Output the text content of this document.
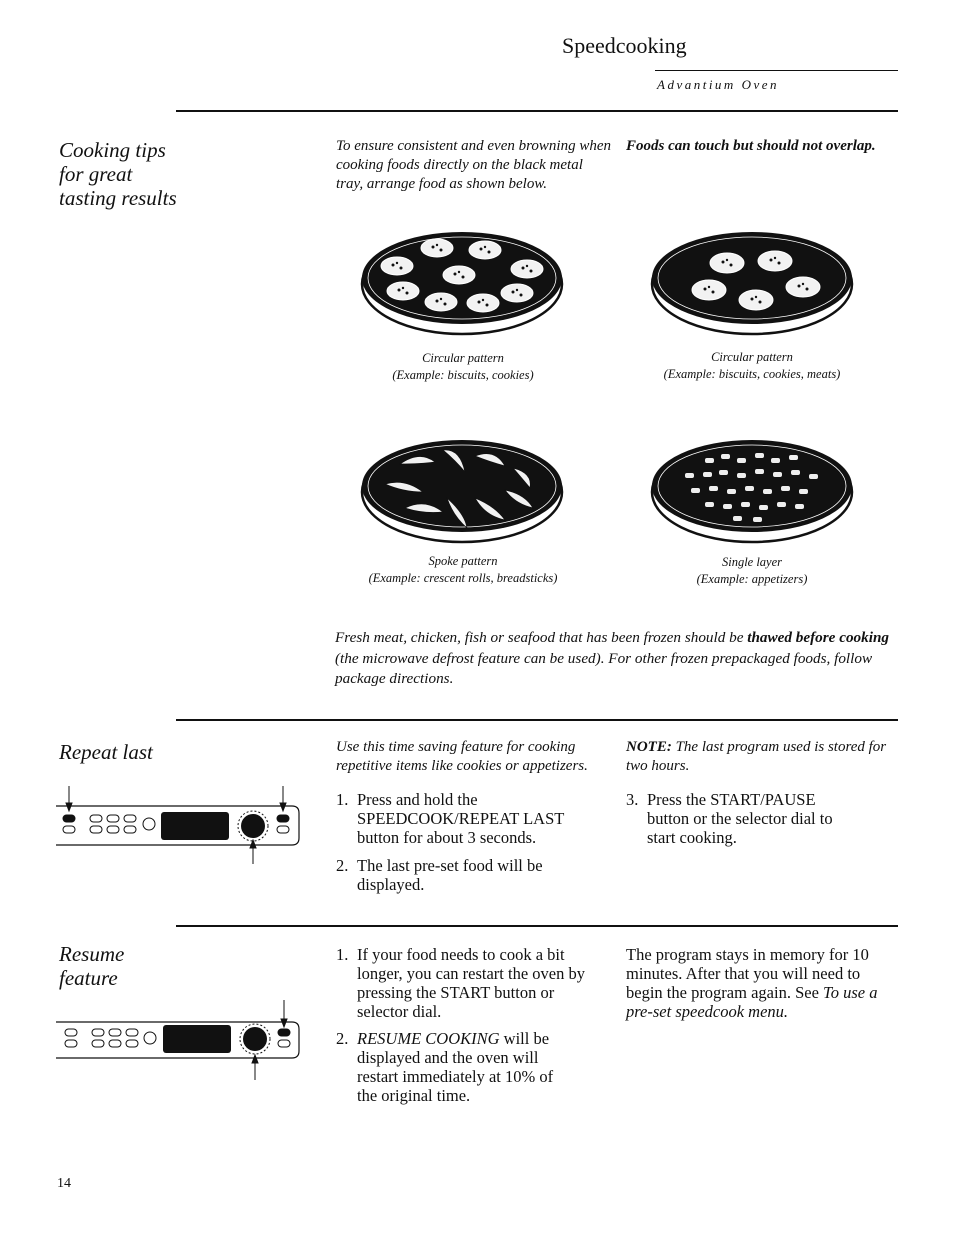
Speedcooking
Advantium Oven
Cooking tips
for great
tasting results
To ensure consistent and even browning when cooking foods directly on the black metal tray, arrange food as shown below.
Foods can touch but should not overlap.
Circular pattern
(Example: biscuits, cookies)
Circular pattern
(Example: biscuits, cookies, meats)
Spoke pattern
(Example: crescent rolls, breadsticks)
Single layer
(Example: appetizers)
Fresh meat, chicken, fish or seafood that has been frozen should be thawed before cooking (the microwave defrost feature can be used). For other frozen prepackaged foods, follow package directions.
Repeat last	Use this time saving feature for cooking repetitive items like cookies or appetizers.
NOTE: The last program used is stored for two hours.
1. Press and hold the SPEEDCOOK/REPEAT LAST button for about 3 seconds.
2. The last pre-set food will be displayed.
3. Press the START/PAUSE button or the selector dial to start cooking.
Resume
feature
1. If your food needs to cook a bit longer, you can restart the oven by pressing the START button or selector dial.
2. RESUME COOKING will be displayed and the oven will restart immediately at 10% of the original time.
The program stays in memory for 10 minutes. After that you will need to begin the program again. See To use a pre-set speedcook menu.
14
